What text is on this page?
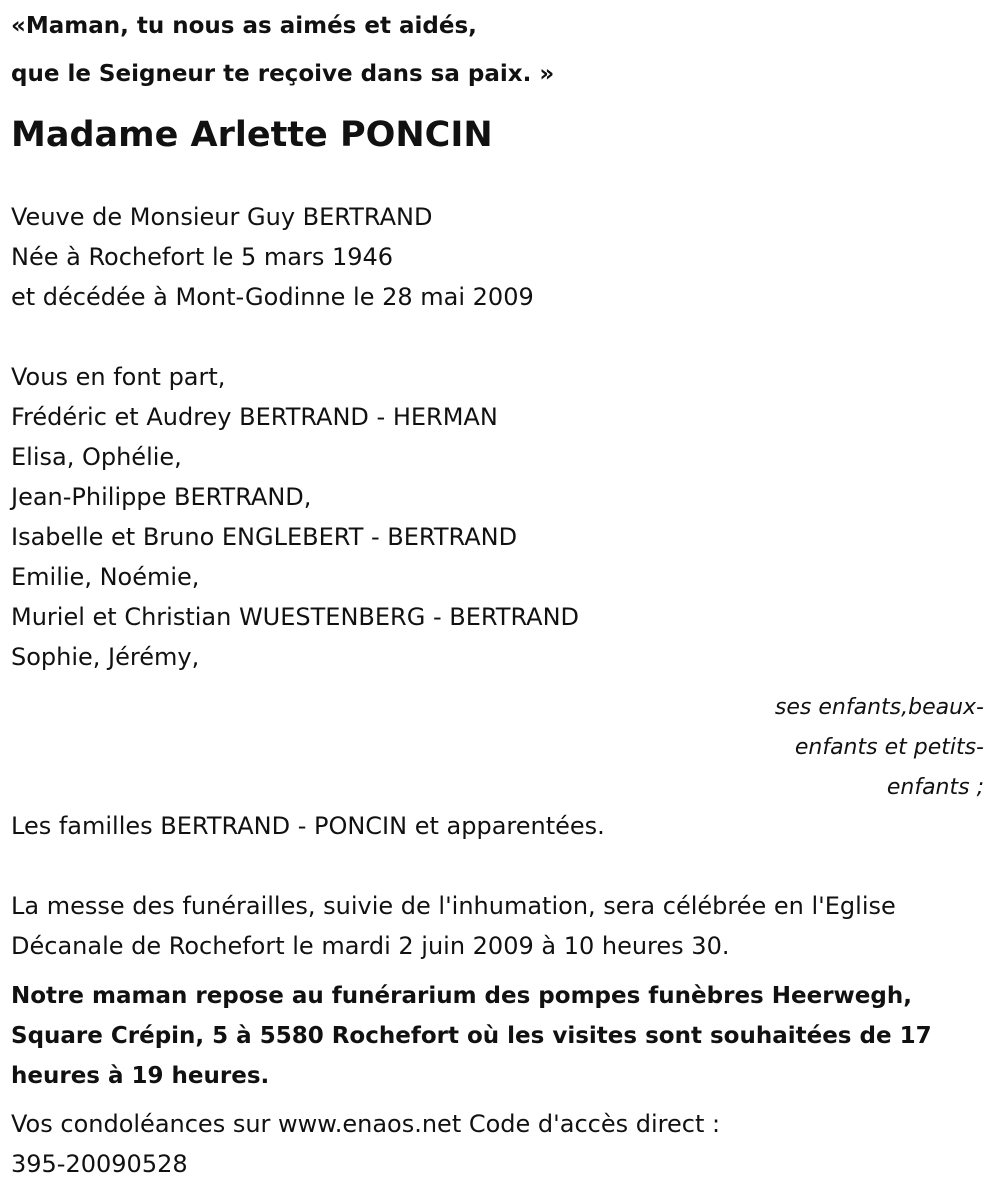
«Maman, tu nous as aimés et aidés,
que le Seigneur te reçoive dans sa paix. »
Madame Arlette PONCIN
Veuve de Monsieur Guy BERTRAND
Née à Rochefort le 5 mars 1946
et décédée à Mont-Godinne le 28 mai 2009
Vous en font part,
Frédéric et Audrey BERTRAND - HERMAN
Elisa, Ophélie,
Jean-Philippe BERTRAND,
Isabelle et Bruno ENGLEBERT - BERTRAND
Emilie, Noémie,
Muriel et Christian WUESTENBERG - BERTRAND
Sophie, Jérémy,
ses enfants,beaux-
enfants et petits-
enfants ;
Les familles BERTRAND - PONCIN et apparentées.
La messe des funérailles, suivie de l'inhumation, sera célébrée en l'Eglise
Décanale de Rochefort le mardi 2 juin 2009 à 10 heures 30.
Notre maman repose au funérarium des pompes funèbres Heerwegh,
Square Crépin, 5 à 5580 Rochefort où les visites sont souhaitées de 17
heures à 19 heures.
Vos condoléances sur www.enaos.net Code d'accès direct :
395-20090528
